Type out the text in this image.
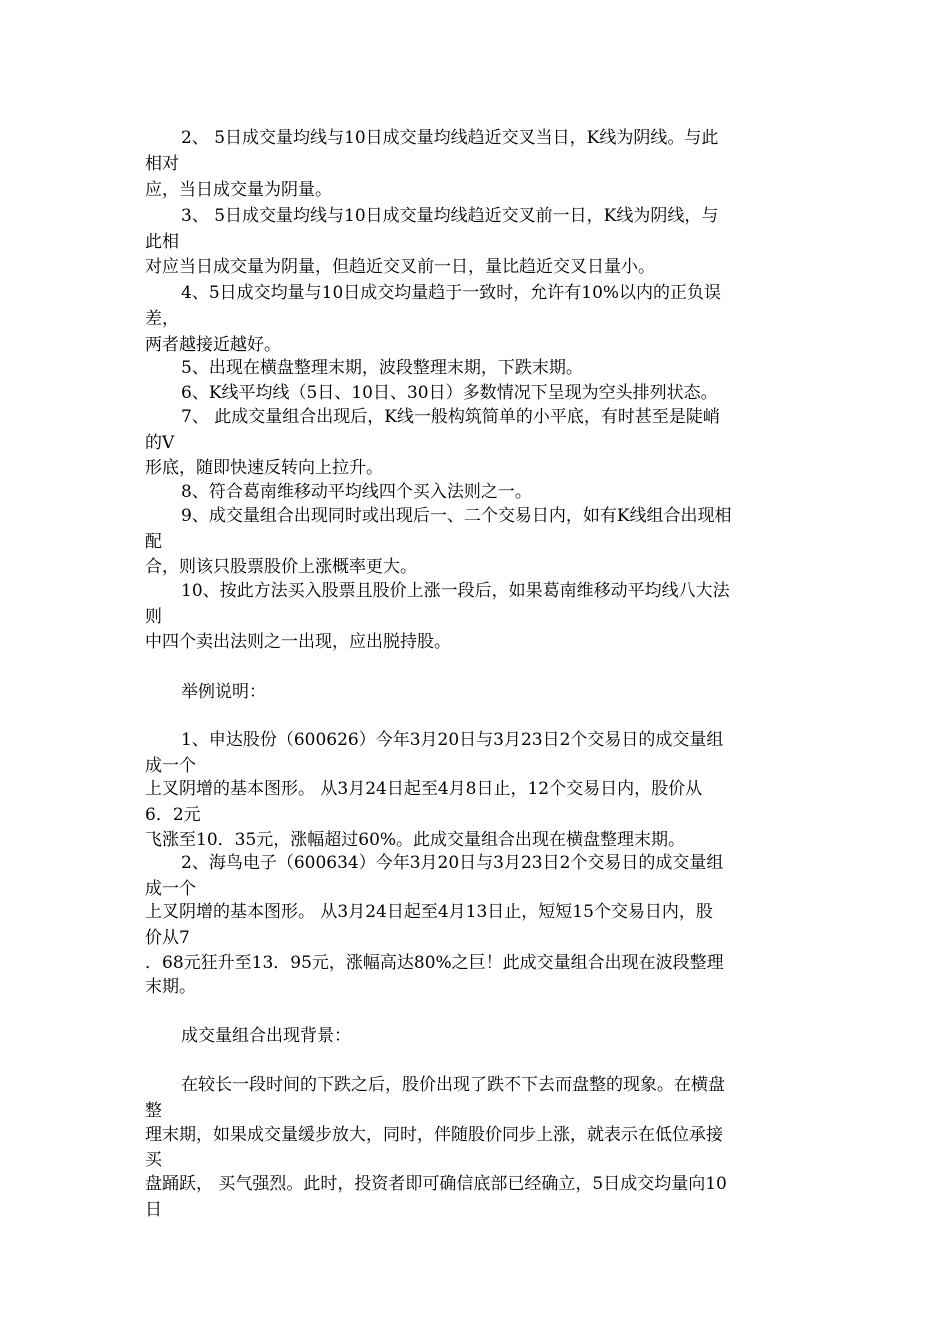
2、 5日成交量均线与10日成交量均线趋近交叉当日，K线为阴线。与此
相对
应，当日成交量为阴量。
3、 5日成交量均线与10日成交量均线趋近交叉前一日，K线为阴线，与
此相
对应当日成交量为阴量，但趋近交叉前一日，量比趋近交叉日量小。
4、5日成交均量与10日成交均量趋于一致时，允许有10%以内的正负误
差，
两者越接近越好。
5、出现在横盘整理末期，波段整理末期，下跌末期。
6、K线平均线（5日、10日、30日）多数情况下呈现为空头排列状态。
7、 此成交量组合出现后，K线一般构筑简单的小平底，有时甚至是陡峭
的V
形底，随即快速反转向上拉升。
8、符合葛南维移动平均线四个买入法则之一。
9、成交量组合出现同时或出现后一、二个交易日内，如有K线组合出现相
配
合，则该只股票股价上涨概率更大。
10、按此方法买入股票且股价上涨一段后，如果葛南维移动平均线八大法
则
中四个卖出法则之一出现，应出脱持股。
举例说明：
1、申达股份（600626）今年3月20日与3月23日2个交易日的成交量组
成一个
上叉阴增的基本图形。 从3月24日起至4月8日止，12个交易日内，股价从
6．2元
飞涨至10．35元，涨幅超过60%。此成交量组合出现在横盘整理末期。
2、海鸟电子（600634）今年3月20日与3月23日2个交易日的成交量组
成一个
上叉阴增的基本图形。 从3月24日起至4月13日止，短短15个交易日内，股
价从7
．68元狂升至13．95元，涨幅高达80%之巨！此成交量组合出现在波段整理
末期。
成交量组合出现背景：
在较长一段时间的下跌之后，股价出现了跌不下去而盘整的现象。在横盘
整
理末期，如果成交量缓步放大，同时，伴随股价同步上涨，就表示在低位承接
买
盘踊跃， 买气强烈。此时，投资者即可确信底部已经确立，5日成交均量向10
日
